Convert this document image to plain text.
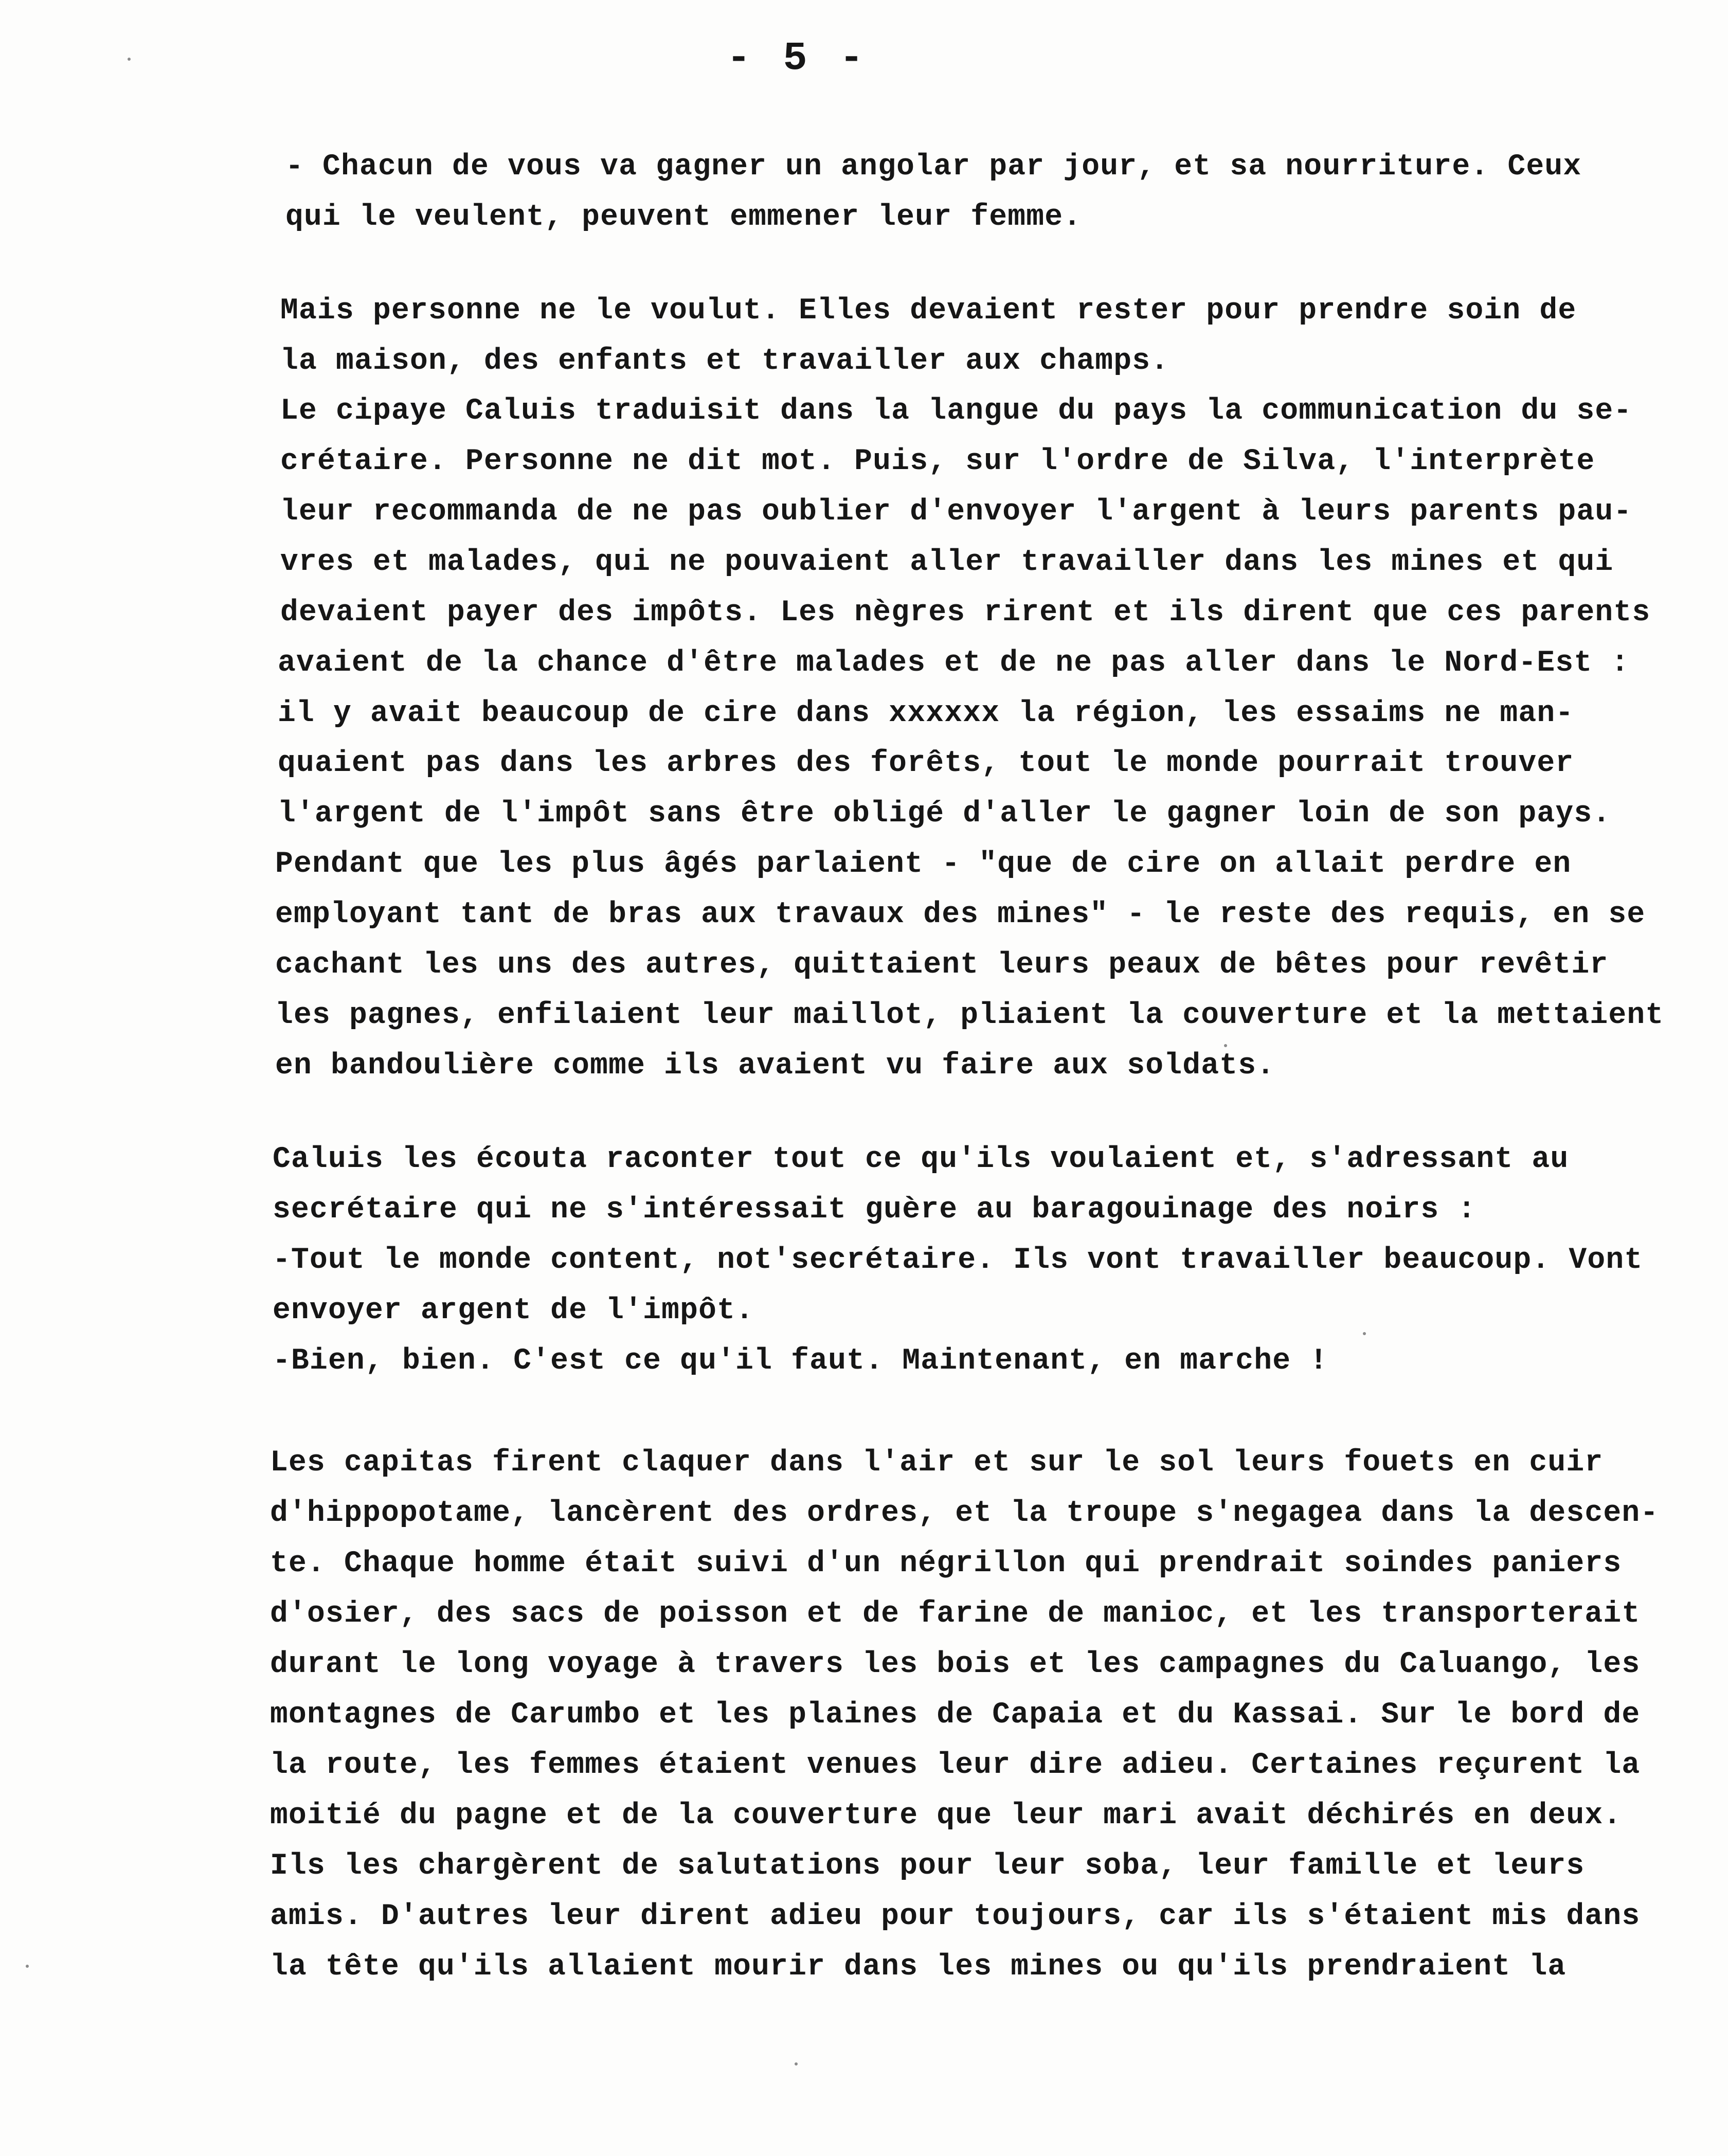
- 5 -
- Chacun de vous va gagner un angolar par jour, et sa nourriture. Ceux
qui le veulent, peuvent emmener leur femme.
Mais personne ne le voulut. Elles devaient rester pour prendre soin de
la maison, des enfants et travailler aux champs.
Le cipaye Caluis traduisit dans la langue du pays la communication du se-
crétaire. Personne ne dit mot. Puis, sur l'ordre de Silva, l'interprète
leur recommanda de ne pas oublier d'envoyer l'argent à leurs parents pau-
vres et malades, qui ne pouvaient aller travailler dans les mines et qui
devaient payer des impôts. Les nègres rirent et ils dirent que ces parents
avaient de la chance d'être malades et de ne pas aller dans le Nord-Est :
il y avait beaucoup de cire dans xxxxxx la région, les essaims ne man-
quaient pas dans les arbres des forêts, tout le monde pourrait trouver
l'argent de l'impôt sans être obligé d'aller le gagner loin de son pays.
Pendant que les plus âgés parlaient - "que de cire on allait perdre en
employant tant de bras aux travaux des mines" - le reste des requis, en se
cachant les uns des autres, quittaient leurs peaux de bêtes pour revêtir
les pagnes, enfilaient leur maillot, pliaient la couverture et la mettaient
en bandoulière comme ils avaient vu faire aux soldats.
Caluis les écouta raconter tout ce qu'ils voulaient et, s'adressant au
secrétaire qui ne s'intéressait guère au baragouinage des noirs :
-Tout le monde content, not'secrétaire. Ils vont travailler beaucoup. Vont
envoyer argent de l'impôt.
-Bien, bien. C'est ce qu'il faut. Maintenant, en marche !
Les capitas firent claquer dans l'air et sur le sol leurs fouets en cuir
d'hippopotame, lancèrent des ordres, et la troupe s'negagea dans la descen-
te. Chaque homme était suivi d'un négrillon qui prendrait soindes paniers
d'osier, des sacs de poisson et de farine de manioc, et les transporterait
durant le long voyage à travers les bois et les campagnes du Caluango, les
montagnes de Carumbo et les plaines de Capaia et du Kassai. Sur le bord de
la route, les femmes étaient venues leur dire adieu. Certaines reçurent la
moitié du pagne et de la couverture que leur mari avait déchirés en deux.
Ils les chargèrent de salutations pour leur soba, leur famille et leurs
amis. D'autres leur dirent adieu pour toujours, car ils s'étaient mis dans
la tête qu'ils allaient mourir dans les mines ou qu'ils prendraient la
